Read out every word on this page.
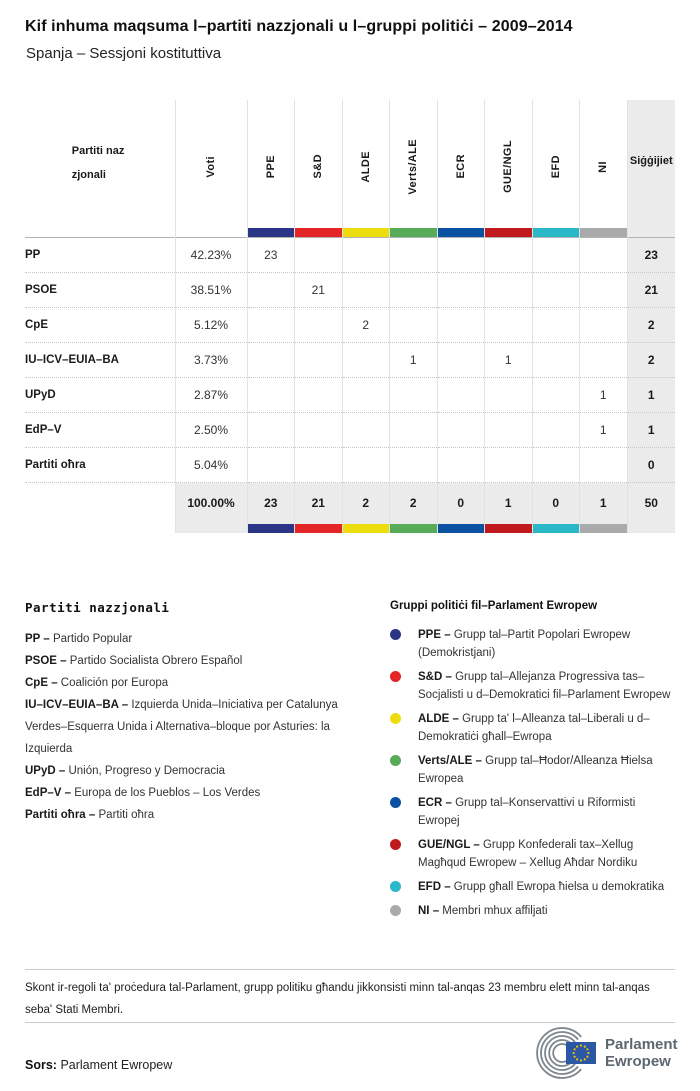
Kif inhuma maqsuma l–partiti nazzjonali u l–gruppi politiċi – 2009–2014
Spanja – Sessjoni kostituttiva
Partiti nazzjonali	Voti	PPE	S&D	ALDE	Verts/ALE	ECR	GUE/NGL	EFD	NI	Siġġijiet

PP	42.23%	23								23
PSOE	38.51%		21							21
CpE	5.12%			2						2
IU–ICV–EUIA–BA	3.73%				1		1			2
UPyD	2.87%								1	1
EdP–V	2.50%								1	1
Partiti oħra	5.04%									0
	100.00%	23	21	2	2	0	1	0	1	50

Partiti nazzjonali
PP – Partido Popular
PSOE – Partido Socialista Obrero Español
CpE – Coalición por Europa
IU–ICV–EUIA–BA – Izquierda Unida–Iniciativa per Catalunya Verdes–Esquerra Unida i Alternativa–bloque por Asturies: la Izquierda
UPyD – Unión, Progreso y Democracia
EdP–V – Europa de los Pueblos – Los Verdes
Partiti oħra – Partiti oħra
Gruppi politiċi fil–Parlament Ewropew
PPE – Grupp tal–Partit Popolari Ewropew (Demokristjani)
S&D – Grupp tal–Allejanza Progressiva tas–Socjalisti u d–Demokratici fil–Parlament Ewropew
ALDE – Grupp ta' l–Alleanza tal–Liberali u d–Demokratiċi għall–Ewropa
Verts/ALE – Grupp tal–Ħodor/Alleanza Ħielsa Ewropea
ECR – Grupp tal–Konservattivi u Riformisti Ewropej
GUE/NGL – Grupp Konfederali tax–Xellug Magħqud Ewropew – Xellug Aħdar Nordiku
EFD – Grupp għall Ewropa ħielsa u demokratika
NI – Membri mhux affiljati
Skont ir-regoli ta' proċedura tal-Parlament, grupp politiku għandu jikkonsisti minn tal-anqas 23 membru elett minn tal-anqas seba' Stati Membri.
Sors: Parlament Ewropew
Parlament
Ewropew
